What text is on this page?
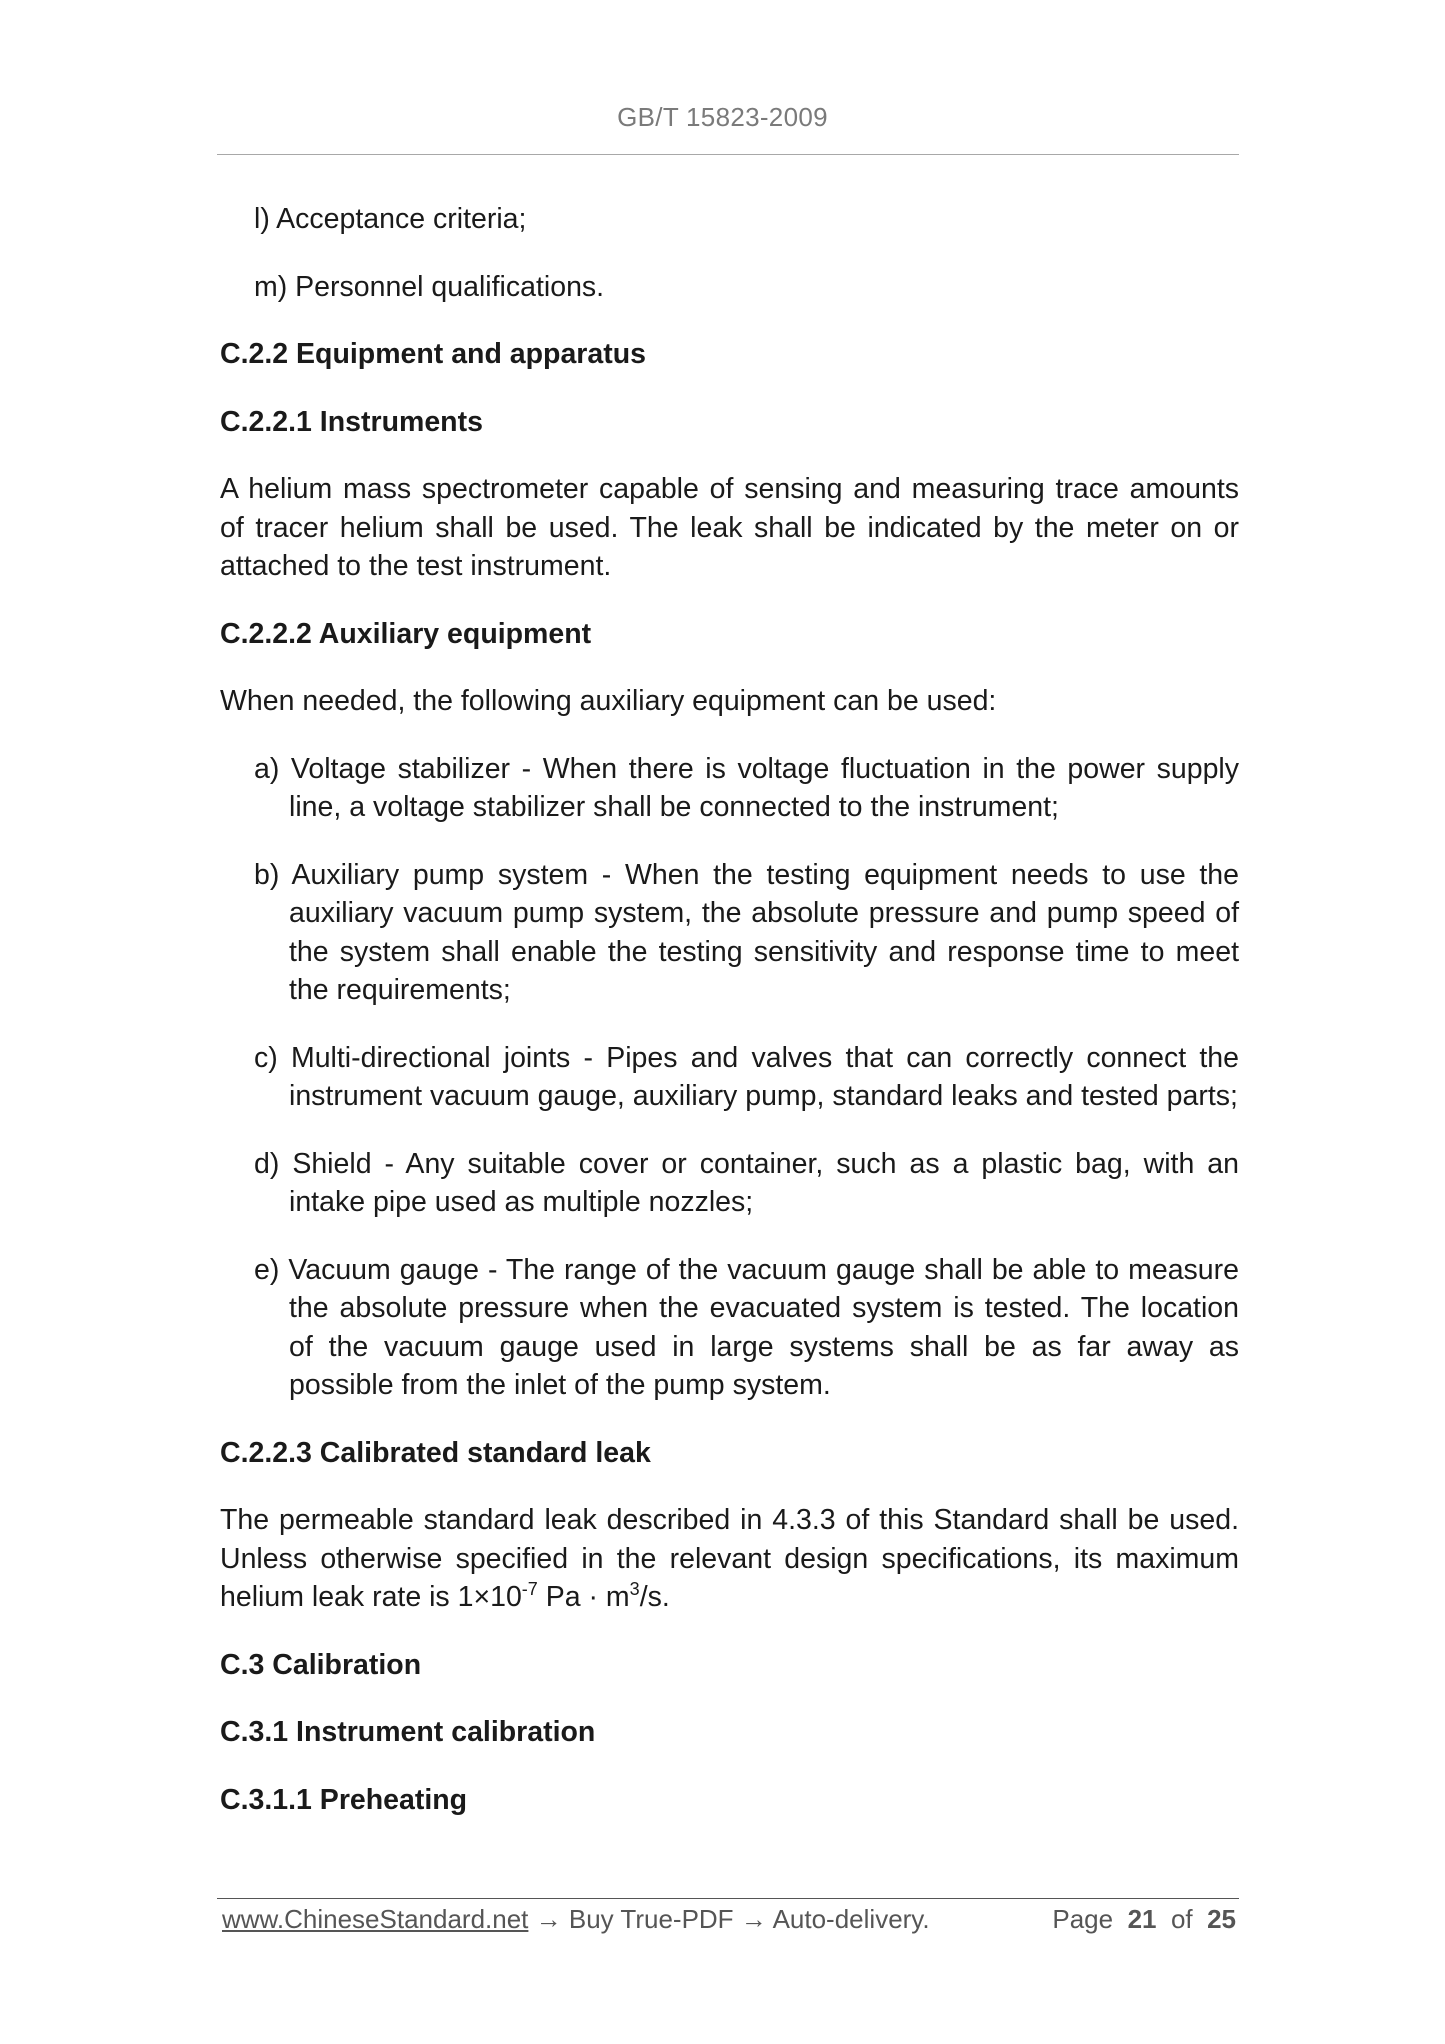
GB/T 15823-2009

l) Acceptance criteria;

m) Personnel qualifications.

C.2.2 Equipment and apparatus

C.2.2.1 Instruments

A helium mass spectrometer capable of sensing and measuring trace amounts of tracer helium shall be used. The leak shall be indicated by the meter on or attached to the test instrument.

C.2.2.2 Auxiliary equipment

When needed, the following auxiliary equipment can be used:

a) Voltage stabilizer - When there is voltage fluctuation in the power supply line, a voltage stabilizer shall be connected to the instrument;

b) Auxiliary pump system - When the testing equipment needs to use the auxiliary vacuum pump system, the absolute pressure and pump speed of the system shall enable the testing sensitivity and response time to meet the requirements;

c) Multi-directional joints - Pipes and valves that can correctly connect the instrument vacuum gauge, auxiliary pump, standard leaks and tested parts;

d) Shield - Any suitable cover or container, such as a plastic bag, with an intake pipe used as multiple nozzles;

e) Vacuum gauge - The range of the vacuum gauge shall be able to measure the absolute pressure when the evacuated system is tested. The location of the vacuum gauge used in large systems shall be as far away as possible from the inlet of the pump system.

C.2.2.3 Calibrated standard leak

The permeable standard leak described in 4.3.3 of this Standard shall be used. Unless otherwise specified in the relevant design specifications, its maximum helium leak rate is $1\times 10^{-7}$ $Pa \cdot m^3/s$.

C.3 Calibration

C.3.1 Instrument calibration

C.3.1.1 Preheating

www.ChineseStandard.net → Buy True-PDF → Auto-delivery.	Page 21 of 25
